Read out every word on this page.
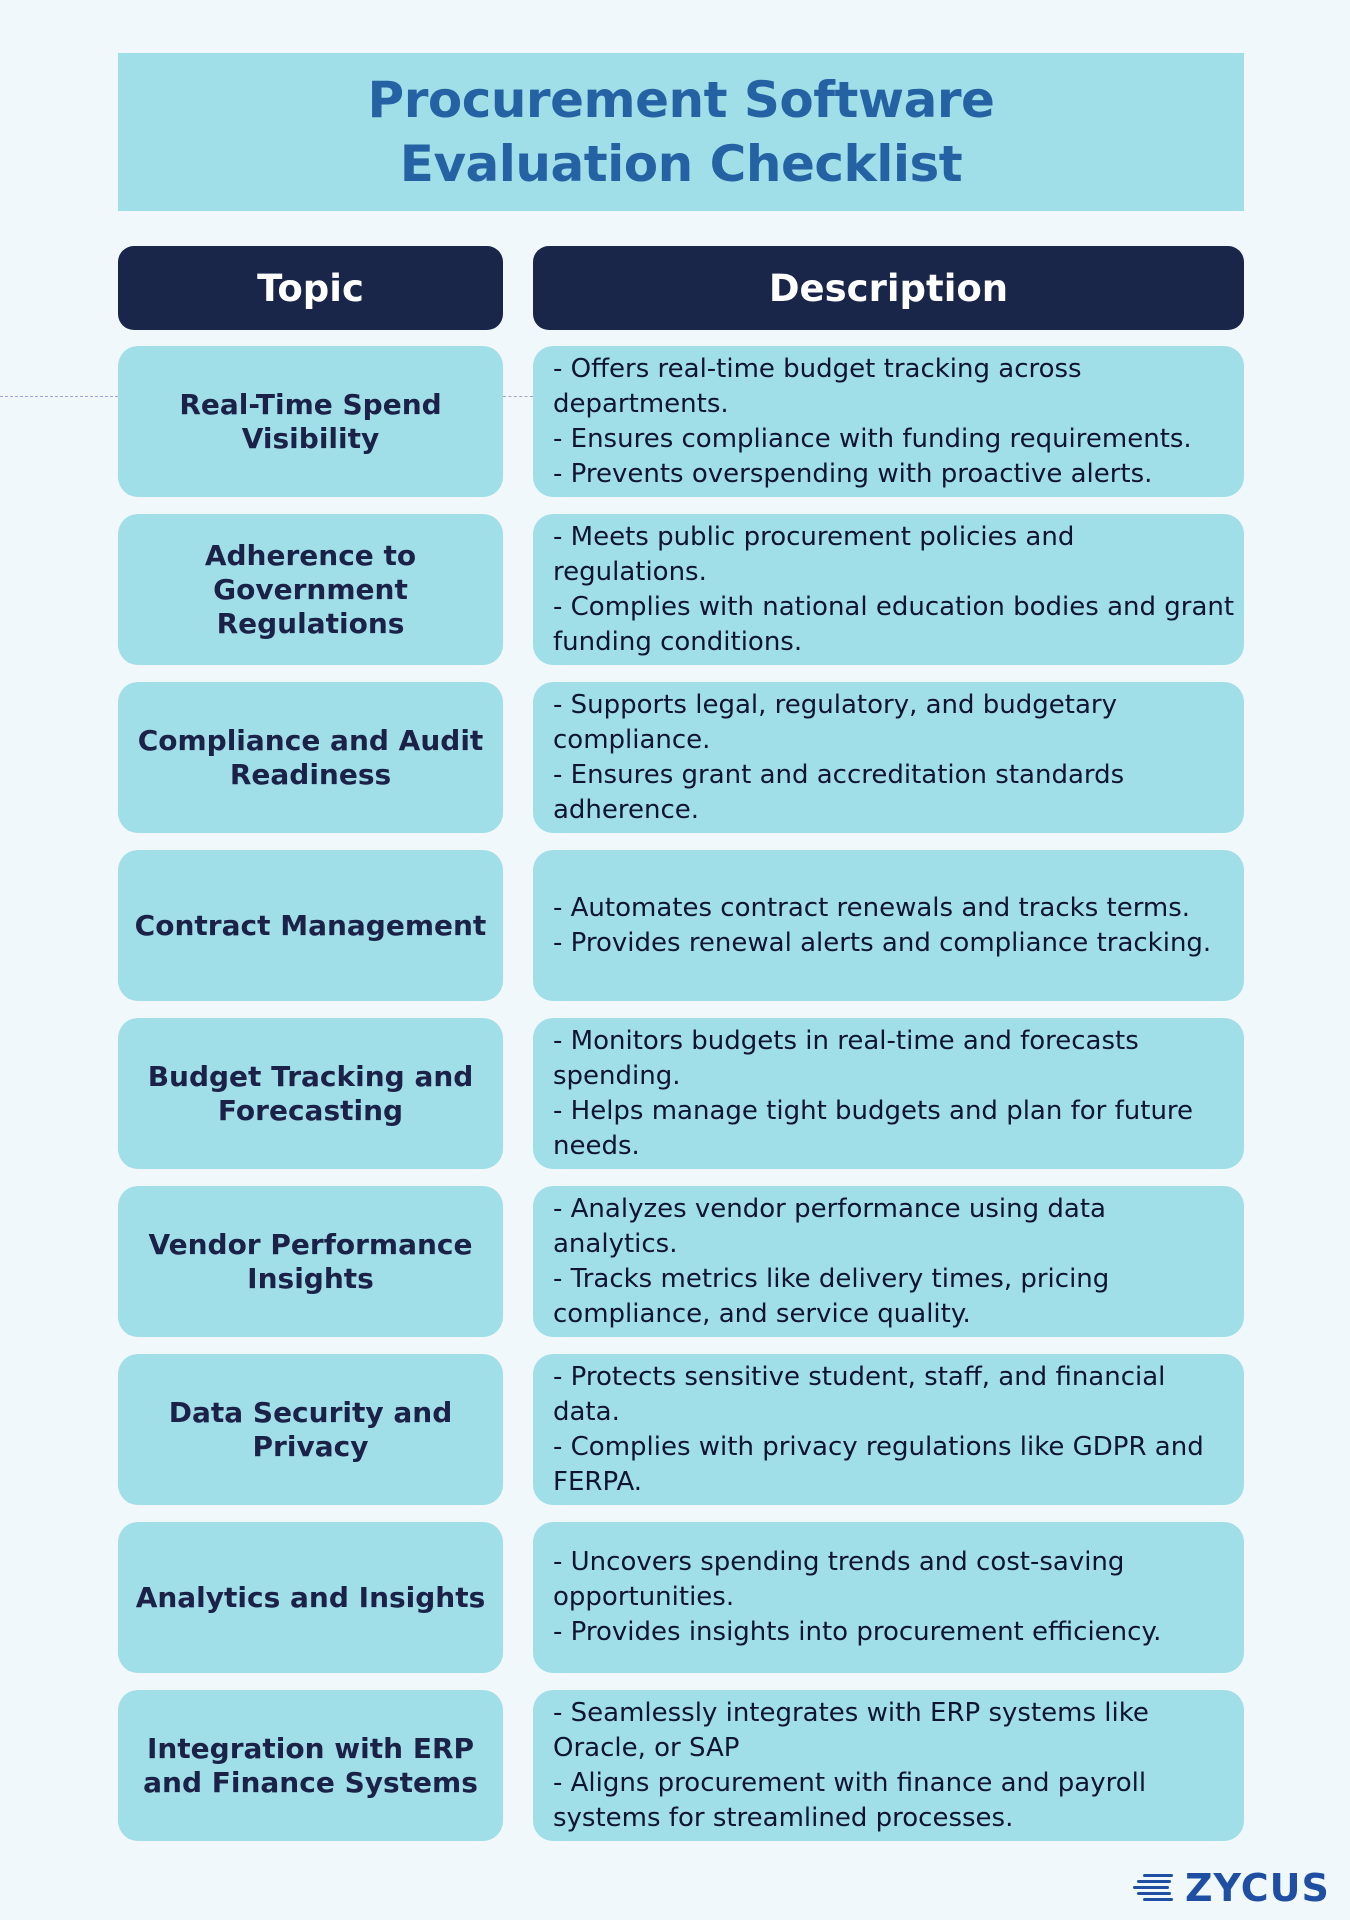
Procurement Software
Evaluation Checklist
Topic	Description
Real-Time Spend Visibility

- Offers real-time budget tracking across departments.

- Ensures compliance with funding requirements.

- Prevents overspending with proactive alerts.

Adherence to Government Regulations

- Meets public procurement policies and regulations.

- Complies with national education bodies and grant funding conditions.

Compliance and Audit Readiness

- Supports legal, regulatory, and budgetary compliance.

- Ensures grant and accreditation standards adherence.

Contract Management

- Automates contract renewals and tracks terms.

- Provides renewal alerts and compliance tracking.

Budget Tracking and Forecasting

- Monitors budgets in real-time and forecasts spending.

- Helps manage tight budgets and plan for future needs.

Vendor Performance Insights

- Analyzes vendor performance using data analytics.

- Tracks metrics like delivery times, pricing compliance, and service quality.

Data Security and Privacy

- Protects sensitive student, staff, and financial data.

- Complies with privacy regulations like GDPR and FERPA.

Analytics and Insights

- Uncovers spending trends and cost-saving opportunities.

- Provides insights into procurement efficiency.

Integration with ERP and Finance Systems

- Seamlessly integrates with ERP systems like Oracle, or SAP

- Aligns procurement with finance and payroll systems for streamlined processes.

ZYCUS
